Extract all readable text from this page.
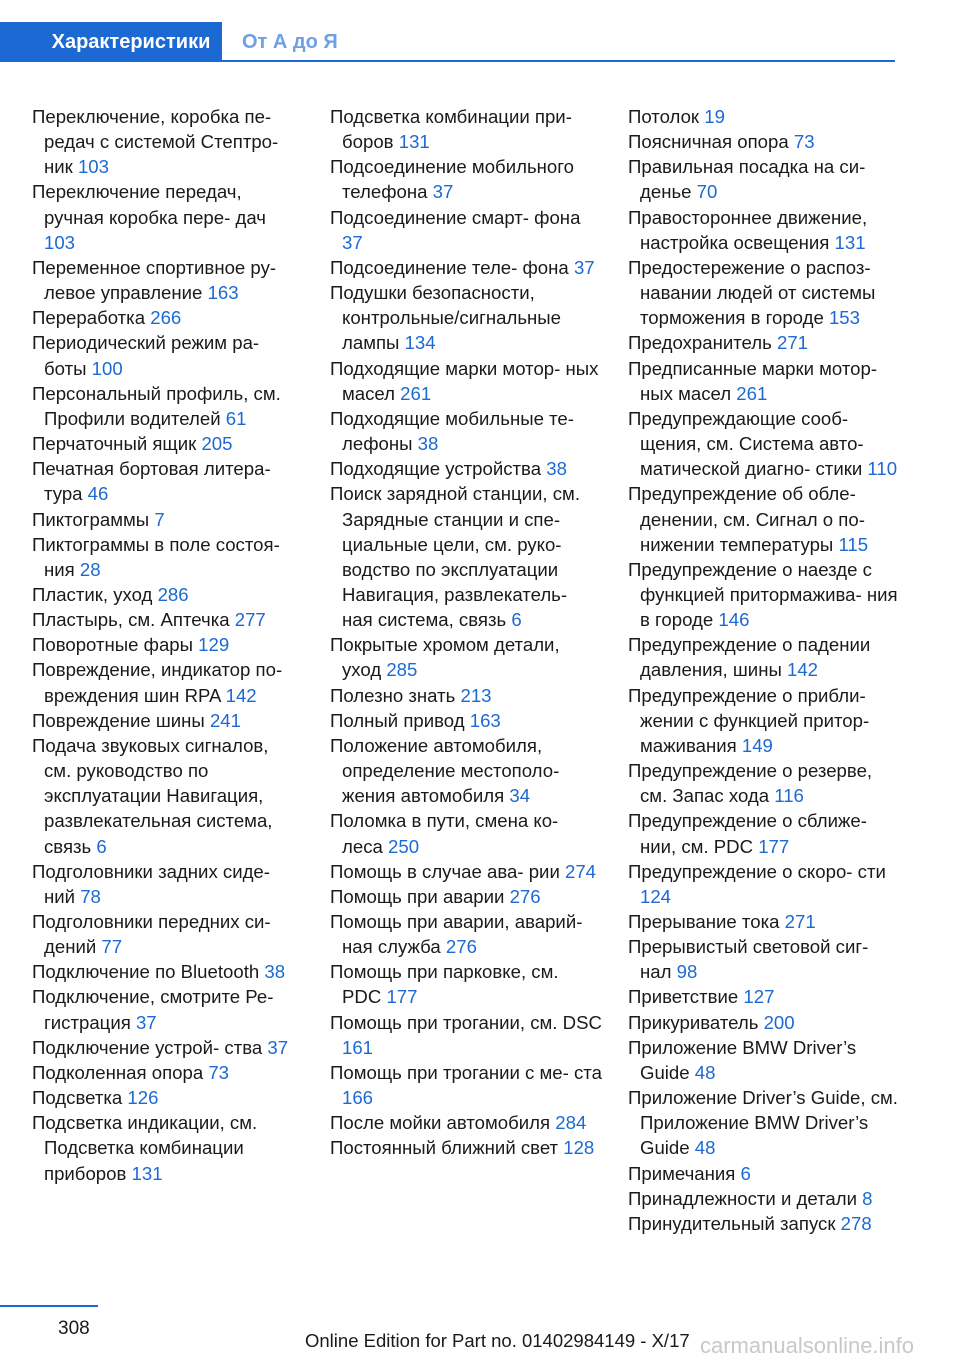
Характеристики	От А до Я

Переключение, коробка пе‐ редач с системой Стептро‐ ник 103

Переключение передач, ручная коробка пере‐ дач 103

Переменное спортивное ру‐ левое управление 163

Переработка 266

Периодический режим ра‐ боты 100

Персональный профиль, см. Профили водителей 61

Перчаточный ящик 205

Печатная бортовая литера‐ тура 46

Пиктограммы 7

Пиктограммы в поле состоя‐ ния 28

Пластик, уход 286

Пластырь, см. Аптечка 277

Поворотные фары 129

Повреждение, индикатор по‐ вреждения шин RPA 142

Повреждение шины 241

Подача звуковых сигналов, см. руководство по эксплуатации Навигация, развлекательная система, связь 6

Подголовники задних сиде‐ ний 78

Подголовники передних си‐ дений 77

Подключение по Bluetooth 38

Подключение, смотрите Ре‐ гистрация 37

Подключение устрой‐ ства 37

Подколенная опора 73

Подсветка 126

Подсветка индикации, см. Подсветка комбинации приборов 131

Подсветка комбинации при‐ боров 131

Подсоединение мобильного телефона 37

Подсоединение смарт‐ фона 37

Подсоединение теле‐ фона 37

Подушки безопасности, контрольные/сигнальные лампы 134

Подходящие марки мотор‐ ных масел 261

Подходящие мобильные те‐ лефоны 38

Подходящие устройства 38

Поиск зарядной станции, см. Зарядные станции и спе‐ циальные цели, см. руко‐ водство по эксплуатации Навигация, развлекатель‐ ная система, связь 6

Покрытые хромом детали, уход 285

Полезно знать 213

Полный привод 163

Положение автомобиля, определение местополо‐ жения автомобиля 34

Поломка в пути, смена ко‐ леса 250

Помощь в случае ава‐ рии 274

Помощь при аварии 276

Помощь при аварии, аварий‐ ная служба 276

Помощь при парковке, см. PDC 177

Помощь при трогании, см. DSC 161

Помощь при трогании с ме‐ ста 166

После мойки автомобиля 284

Постоянный ближний свет 128

Потолок 19

Поясничная опора 73

Правильная посадка на си‐ денье 70

Правостороннее движение, настройка освещения 131

Предостережение о распоз‐ навании людей от системы торможения в городе 153

Предохранитель 271

Предписанные марки мотор‐ ных масел 261

Предупреждающие сооб‐ щения, см. Система авто‐ матической диагно‐ стики 110

Предупреждение об обле‐ денении, см. Сигнал о по‐ нижении температуры 115

Предупреждение о наезде с функцией притормажива‐ ния в городе 146

Предупреждение о падении давления, шины 142

Предупреждение о прибли‐ жении с функцией притор‐ маживания 149

Предупреждение о резерве, см. Запас хода 116

Предупреждение о сближе‐ нии, см. PDC 177

Предупреждение о скоро‐ сти 124

Прерывание тока 271

Прерывистый световой сиг‐ нал 98

Приветствие 127

Прикуриватель 200

Приложение BMW Driver’s Guide 48

Приложение Driver’s Guide, см. Приложение BMW Driver’s Guide 48

Примечания 6

Принадлежности и детали 8

Принудительный запуск 278

308
Online Edition for Part no. 01402984149 - X/17 carmanualsonline.info
